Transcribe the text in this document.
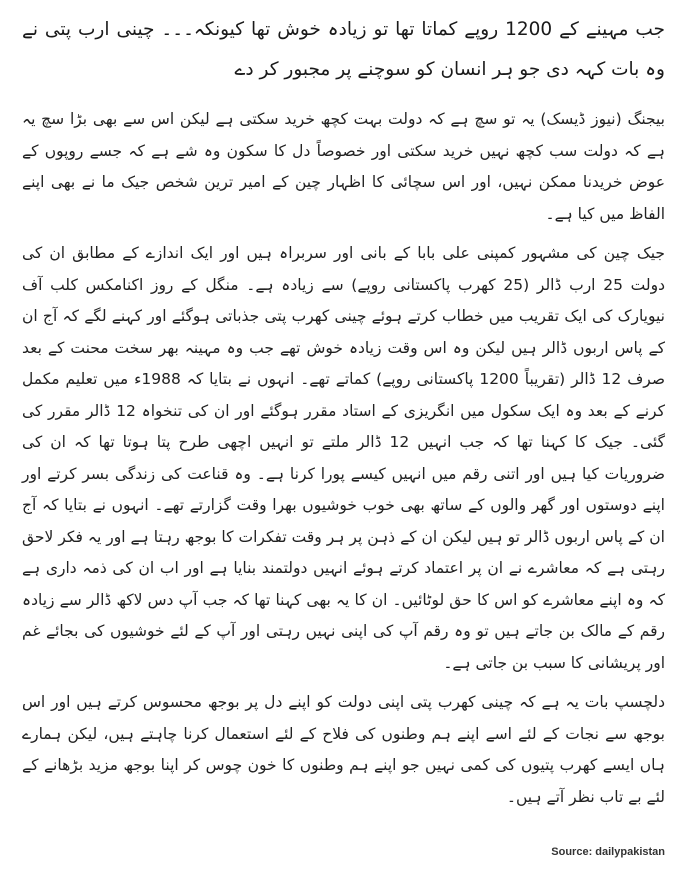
جب مہینے کے 1200 روپے کماتا تھا تو زیادہ خوش تھا کیونکہ۔۔۔ چینی ارب پتی نے وہ بات کہہ دی جو ہر انسان کو سوچنے پر مجبور کر دے

بیجنگ (نیوز ڈیسک) یہ تو سچ ہے کہ دولت بہت کچھ خرید سکتی ہے لیکن اس سے بھی بڑا سچ یہ ہے کہ دولت سب کچھ نہیں خرید سکتی اور خصوصاً دل کا سکون وہ شے ہے کہ جسے روپوں کے عوض خریدنا ممکن نہیں، اور اس سچائی کا اظہار چین کے امیر ترین شخص جیک ما نے بھی اپنے الفاظ میں کیا ہے۔

جیک چین کی مشہور کمپنی علی بابا کے بانی اور سربراہ ہیں اور ایک اندازے کے مطابق ان کی دولت 25 ارب ڈالر (25 کھرب پاکستانی روپے) سے زیادہ ہے۔ منگل کے روز اکنامکس کلب آف نیویارک کی ایک تقریب میں خطاب کرتے ہوئے چینی کھرب پتی جذباتی ہوگئے اور کہنے لگے کہ آج ان کے پاس اربوں ڈالر ہیں لیکن وہ اس وقت زیادہ خوش تھے جب وہ مہینہ بھر سخت محنت کے بعد صرف 12 ڈالر (تقریباً 1200 پاکستانی روپے) کماتے تھے۔ انہوں نے بتایا کہ 1988ء میں تعلیم مکمل کرنے کے بعد وہ ایک سکول میں انگریزی کے استاد مقرر ہوگئے اور ان کی تنخواہ 12 ڈالر مقرر کی گئی۔ جیک کا کہنا تھا کہ جب انہیں 12 ڈالر ملتے تو انہیں اچھی طرح پتا ہوتا تھا کہ ان کی ضروریات کیا ہیں اور اتنی رقم میں انہیں کیسے پورا کرنا ہے۔ وہ قناعت کی زندگی بسر کرتے اور اپنے دوستوں اور گھر والوں کے ساتھ بھی خوب خوشیوں بھرا وقت گزارتے تھے۔ انہوں نے بتایا کہ آج ان کے پاس اربوں ڈالر تو ہیں لیکن ان کے ذہن پر ہر وقت تفکرات کا بوجھ رہتا ہے اور یہ فکر لاحق رہتی ہے کہ معاشرے نے ان پر اعتماد کرتے ہوئے انہیں دولتمند بنایا ہے اور اب ان کی ذمہ داری ہے کہ وہ اپنے معاشرے کو اس کا حق لوٹائیں۔ ان کا یہ بھی کہنا تھا کہ جب آپ دس لاکھ ڈالر سے زیادہ رقم کے مالک بن جاتے ہیں تو وہ رقم آپ کی اپنی نہیں رہتی اور آپ کے لئے خوشیوں کی بجائے غم اور پریشانی کا سبب بن جاتی ہے۔

دلچسپ بات یہ ہے کہ چینی کھرب پتی اپنی دولت کو اپنے دل پر بوجھ محسوس کرتے ہیں اور اس بوجھ سے نجات کے لئے اسے اپنے ہم وطنوں کی فلاح کے لئے استعمال کرنا چاہتے ہیں، لیکن ہمارے ہاں ایسے کھرب پتیوں کی کمی نہیں جو اپنے ہم وطنوں کا خون چوس کر اپنا بوجھ مزید بڑھانے کے لئے بے تاب نظر آتے ہیں۔

Source: dailypakistan
